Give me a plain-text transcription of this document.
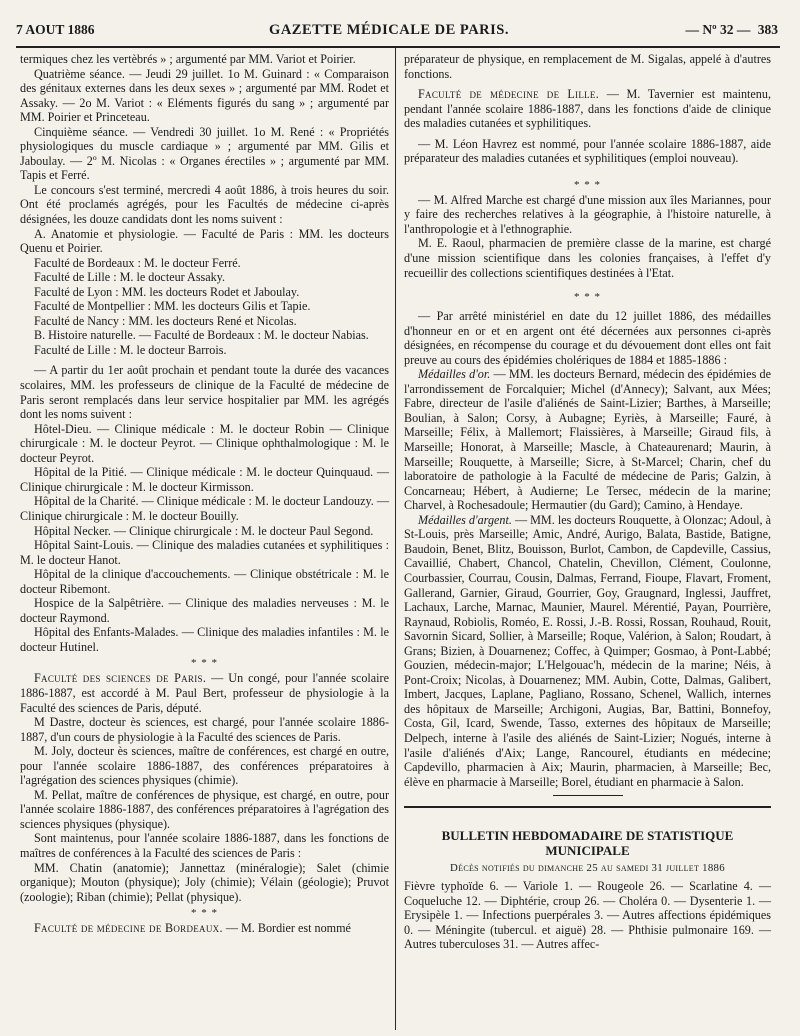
7 AOUT 1886	GAZETTE MÉDICALE DE PARIS.	— Nº 32 — 383

termiques chez les vertèbrés » ; argumenté par MM. Variot et Poirier.

Quatrième séance. — Jeudi 29 juillet. 1o M. Guinard : « Comparaison des génitaux externes dans les deux sexes » ; argumenté par MM. Rodet et Assaky. — 2o M. Variot : « Eléments figurés du sang » ; argumenté par MM. Poirier et Princeteau.

Cinquième séance. — Vendredi 30 juillet. 1o M. René : « Propriétés physiologiques du muscle cardiaque » ; argumenté par MM. Gilis et Jaboulay. — 2º M. Nicolas : « Organes érectiles » ; argumenté par MM. Tapis et Ferré.

Le concours s'est terminé, mercredi 4 août 1886, à trois heures du soir. Ont été proclamés agrégés, pour les Facultés de médecine ci-après désignées, les douze candidats dont les noms suivent :

A. Anatomie et physiologie. — Faculté de Paris : MM. les docteurs Quenu et Poirier.

Faculté de Bordeaux : M. le docteur Ferré.

Faculté de Lille : M. le docteur Assaky.

Faculté de Lyon : MM. les docteurs Rodet et Jaboulay.

Faculté de Montpellier : MM. les docteurs Gilis et Tapie.

Faculté de Nancy : MM. les docteurs René et Nicolas.

B. Histoire naturelle. — Faculté de Bordeaux : M. le docteur Nabias.

Faculté de Lille : M. le docteur Barrois.

— A partir du 1er août prochain et pendant toute la durée des vacances scolaires, MM. les professeurs de clinique de la Faculté de médecine de Paris seront remplacés dans leur service hospitalier par MM. les agrégés dont les noms suivent :

Hôtel-Dieu. — Clinique médicale : M. le docteur Robin — Clinique chirurgicale : M. le docteur Peyrot. — Clinique ophthalmologique : M. le docteur Peyrot.

Hôpital de la Pitié. — Clinique médicale : M. le docteur Quinquaud. — Clinique chirurgicale : M. le docteur Kirmisson.

Hôpital de la Charité. — Clinique médicale : M. le docteur Landouzy. — Clinique chirurgicale : M. le docteur Bouilly.

Hôpital Necker. — Clinique chirurgicale : M. le docteur Paul Segond.

Hôpital Saint-Louis. — Clinique des maladies cutanées et syphilitiques : M. le docteur Hanot.

Hôpital de la clinique d'accouchements. — Clinique obstétricale : M. le docteur Ribemont.

Hospice de la Salpêtrière. — Clinique des maladies nerveuses : M. le docteur Raymond.

Hôpital des Enfants-Malades. — Clinique des maladies infantiles : M. le docteur Hutinel.

* * *

Faculté des sciences de Paris. — Un congé, pour l'année scolaire 1886-1887, est accordé à M. Paul Bert, professeur de physiologie à la Faculté des sciences de Paris, député.

M Dastre, docteur ès sciences, est chargé, pour l'année scolaire 1886-1887, d'un cours de physiologie à la Faculté des sciences de Paris.

M. Joly, docteur ès sciences, maître de conférences, est chargé en outre, pour l'année scolaire 1886-1887, des conférences préparatoires à l'agrégation des sciences physiques (chimie).

M. Pellat, maître de conférences de physique, est chargé, en outre, pour l'année scolaire 1886-1887, des conférences préparatoires à l'agrégation des sciences physiques (physique).

Sont maintenus, pour l'année scolaire 1886-1887, dans les fonctions de maîtres de conférences à la Faculté des sciences de Paris :

MM. Chatin (anatomie); Jannettaz (minéralogie); Salet (chimie organique); Mouton (physique); Joly (chimie); Vélain (géologie); Pruvot (zoologie); Riban (chimie); Pellat (physique).

* * *

Faculté de médecine de Bordeaux. — M. Bordier est nommé

préparateur de physique, en remplacement de M. Sigalas, appelé à d'autres fonctions.

Faculté de médecine de Lille. — M. Tavernier est maintenu, pendant l'année scolaire 1886-1887, dans les fonctions d'aide de clinique des maladies cutanées et syphilitiques.

— M. Léon Havrez est nommé, pour l'année scolaire 1886-1887, aide préparateur des maladies cutanées et syphilitiques (emploi nouveau).

* * *

— M. Alfred Marche est chargé d'une mission aux îles Mariannes, pour y faire des recherches relatives à la géographie, à l'histoire naturelle, à l'anthropologie et à l'ethnographie.

M. E. Raoul, pharmacien de première classe de la marine, est chargé d'une mission scientifique dans les colonies françaises, à l'effet d'y recueillir des collections scientifiques destinées à l'Etat.

* * *

— Par arrêté ministériel en date du 12 juillet 1886, des médailles d'honneur en or et en argent ont été décernées aux personnes ci-après désignées, en récompense du courage et du dévouement dont elles ont fait preuve au cours des épidémies cholériques de 1884 et 1885-1886 :

Médailles d'or. — MM. les docteurs Bernard, médecin des épidémies de l'arrondissement de Forcalquier; Michel (d'Annecy); Salvant, aux Mées; Fabre, directeur de l'asile d'aliénés de Saint-Lizier; Barthes, à Marseille; Boulian, à Salon; Corsy, à Aubagne; Eyriès, à Marseille; Fauré, à Marseille; Félix, à Mallemort; Flaissières, à Marseille; Giraud fils, à Marseille; Honorat, à Marseille; Mascle, à Chateaurenard; Maurin, à Marseille; Rouquette, à Marseille; Sicre, à St-Marcel; Charin, chef du laboratoire de pathologie à la Faculté de médecine de Paris; Galzin, à Concarneau; Hébert, à Audierne; Le Tersec, médecin de la marine; Charvel, à Rochesadoule; Hermautier (du Gard); Camino, à Hendaye.

Médailles d'argent. — MM. les docteurs Rouquette, à Olonzac; Adoul, à St-Louis, près Marseille; Amic, André, Aurigo, Balata, Bastide, Batigne, Baudoin, Benet, Blitz, Bouisson, Burlot, Cambon, de Capdeville, Cassius, Cavaillié, Chabert, Chancol, Chatelin, Chevillon, Clément, Coulonne, Courbassier, Courrau, Cousin, Dalmas, Ferrand, Fioupe, Flavart, Froment, Gallerand, Garnier, Giraud, Gourrier, Goy, Graugnard, Inglessi, Jauffret, Lachaux, Larche, Marnac, Maunier, Maurel. Mérentié, Payan, Pourrière, Raynaud, Robiolis, Roméo, E. Rossi, J.-B. Rossi, Rossan, Rouhaud, Rouit, Savornin Sicard, Sollier, à Marseille; Roque, Valérion, à Salon; Roudart, à Grans; Bizien, à Douarnenez; Coffec, à Quimper; Gosmao, à Pont-Labbé; Gouzien, médecin-major; L'Helgouac'h, médecin de la marine; Néis, à Pont-Croix; Nicolas, à Douarnenez; MM. Aubin, Cotte, Dalmas, Galibert, Imbert, Jacques, Laplane, Pagliano, Rossano, Schenel, Wallich, internes des hôpitaux de Marseille; Archigoni, Augias, Bar, Battini, Bonnefoy, Costa, Gil, Icard, Swende, Tasso, externes des hôpitaux de Marseille; Delpech, interne à l'asile des aliénés de Saint-Lizier; Nogués, interne à l'asile d'aliénés d'Aix; Lange, Rancourel, étudiants en médecine; Capdevillo, pharmacien à Aix; Maurin, pharmacien, à Marseille; Bec, élève en pharmacie à Marseille; Borel, étudiant en pharmacie à Salon.

BULLETIN HEBDOMADAIRE DE STATISTIQUE MUNICIPALE
Décès notifiés du dimanche 25 au samedi 31 juillet 1886

Fièvre typhoïde 6. — Variole 1. — Rougeole 26. — Scarlatine 4. — Coqueluche 12. — Diphtérie, croup 26. — Choléra 0. — Dysenterie 1. — Erysipèle 1. — Infections puerpérales 3. — Autres affections épidémiques 0. — Méningite (tubercul. et aiguë) 28. — Phthisie pulmonaire 169. — Autres tuberculoses 31. — Autres affec-
